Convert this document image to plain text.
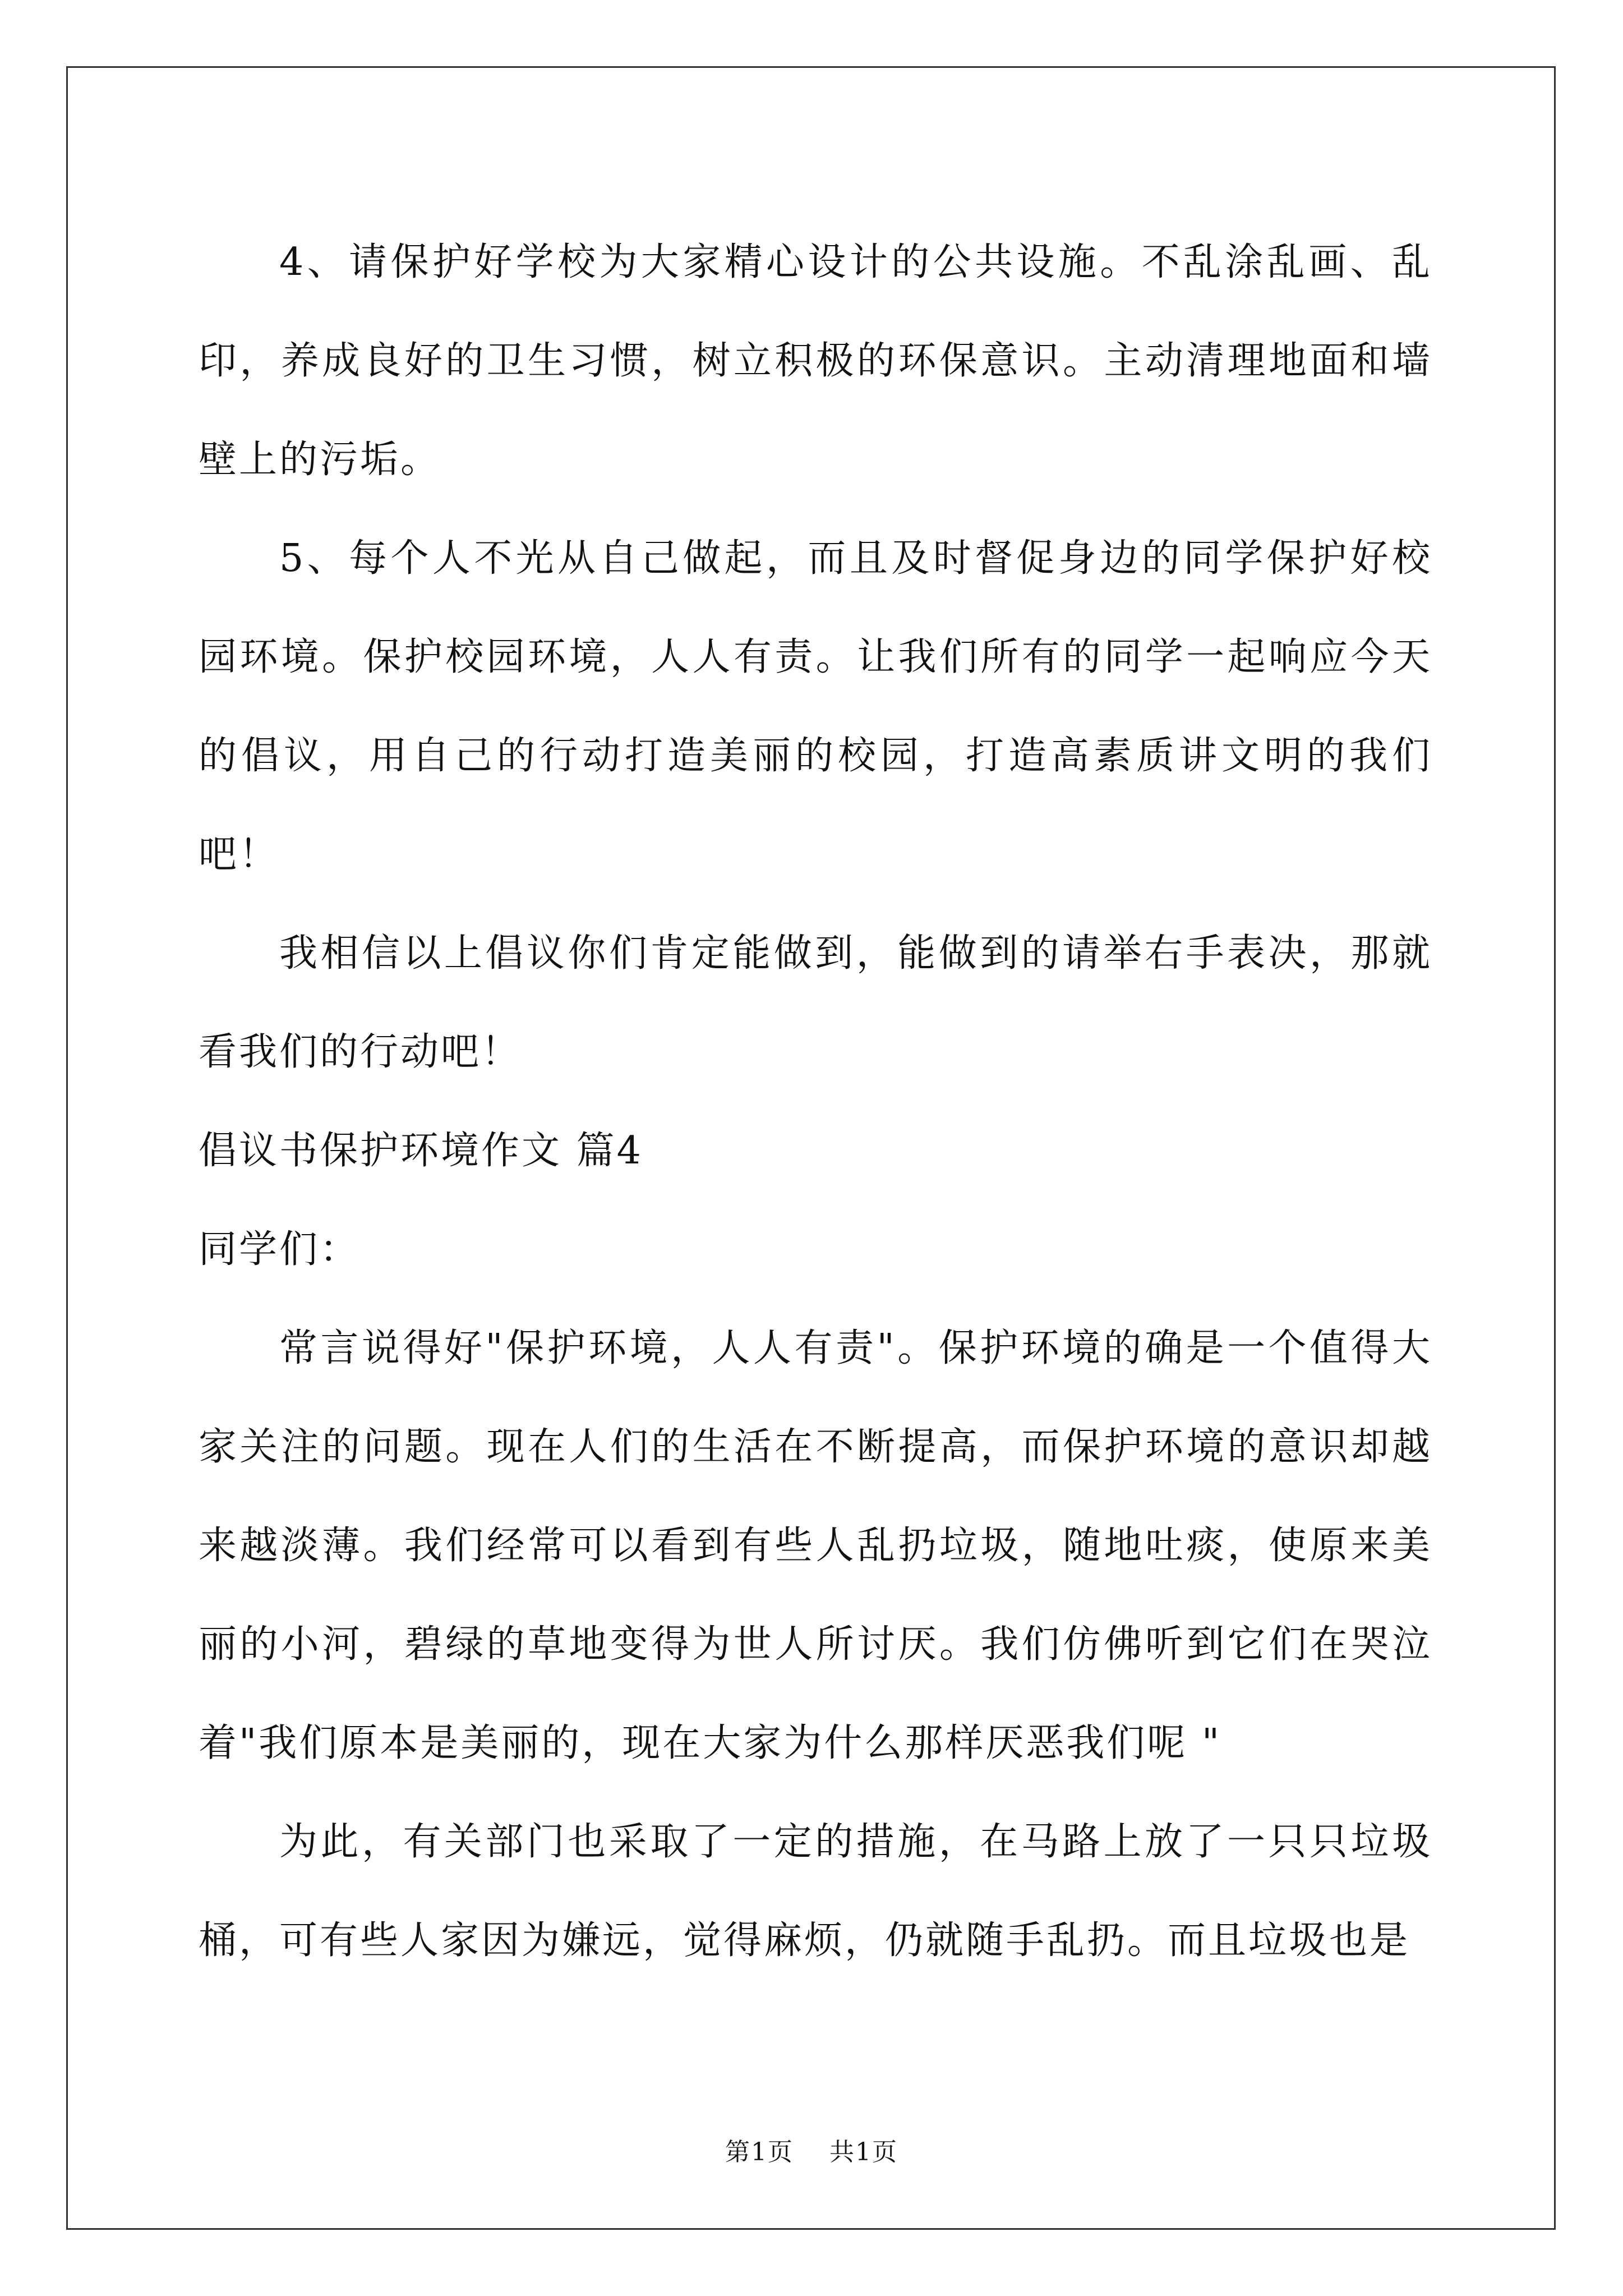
4、请保护好学校为大家精心设计的公共设施。不乱涂乱画、乱印，养成良好的卫生习惯，树立积极的环保意识。主动清理地面和墙壁上的污垢。

5、每个人不光从自己做起，而且及时督促身边的同学保护好校园环境。保护校园环境，人人有责。让我们所有的同学一起响应今天的倡议，用自己的行动打造美丽的校园，打造高素质讲文明的我们吧！

我相信以上倡议你们肯定能做到，能做到的请举右手表决，那就看我们的行动吧！

倡议书保护环境作文 篇4

同学们：

常言说得好"保护环境，人人有责"。保护环境的确是一个值得大家关注的问题。现在人们的生活在不断提高，而保护环境的意识却越来越淡薄。我们经常可以看到有些人乱扔垃圾，随地吐痰，使原来美丽的小河，碧绿的草地变得为世人所讨厌。我们仿佛听到它们在哭泣着"我们原本是美丽的，现在大家为什么那样厌恶我们呢 "

为此，有关部门也采取了一定的措施，在马路上放了一只只垃圾桶，可有些人家因为嫌远，觉得麻烦，仍就随手乱扔。而且垃圾也是

第1页    共1页
